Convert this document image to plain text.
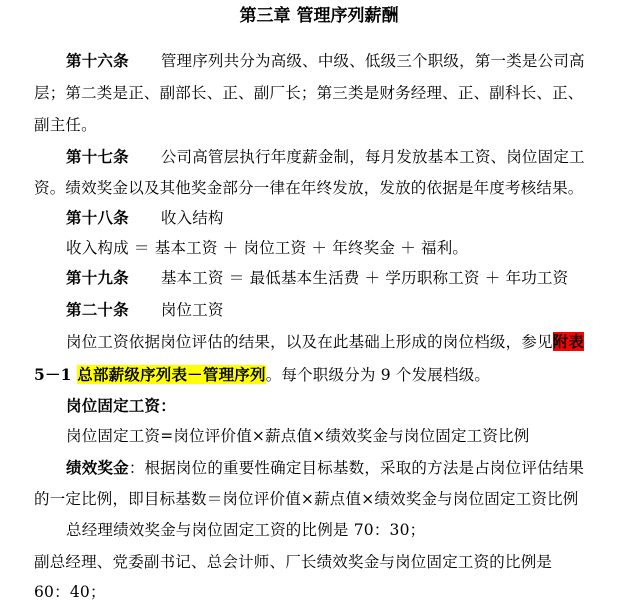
第三章 管理序列薪酬
第十六条 管理序列共分为高级、中级、低级三个职级，第一类是公司高
层；第二类是正、副部长、正、副厂长；第三类是财务经理、正、副科长、正、
副主任。
第十七条 公司高管层执行年度薪金制，每月发放基本工资、岗位固定工
资。绩效奖金以及其他奖金部分一律在年终发放，发放的依据是年度考核结果。
第十八条 收入结构
收入构成 ＝ 基本工资 ＋ 岗位工资 ＋ 年终奖金 ＋ 福利。
第十九条 基本工资 ＝ 最低基本生活费 ＋ 学历职称工资 ＋ 年功工资
第二十条 岗位工资
岗位工资依据岗位评估的结果，以及在此基础上形成的岗位档级，参见附表
5－1 总部薪级序列表－管理序列。每个职级分为 9 个发展档级。
岗位固定工资：
岗位固定工资=岗位评价值×薪点值×绩效奖金与岗位固定工资比例
绩效奖金：根据岗位的重要性确定目标基数，采取的方法是占岗位评估结果
的一定比例，即目标基数＝岗位评价值×薪点值×绩效奖金与岗位固定工资比例
总经理绩效奖金与岗位固定工资的比例是 70：30；
副总经理、党委副书记、总会计师、厂长绩效奖金与岗位固定工资的比例是
60：40；
